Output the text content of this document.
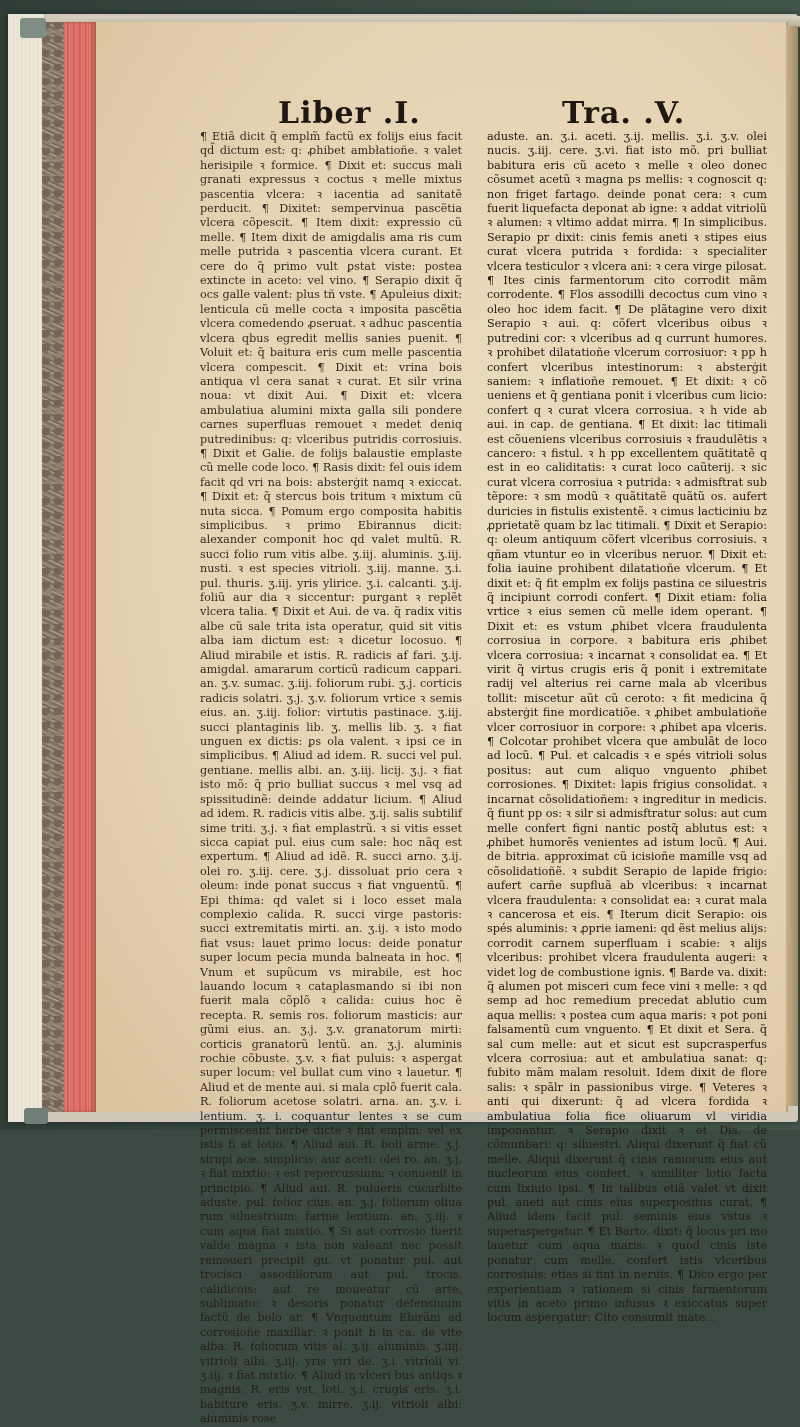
Liber .I.	Tra. .V.

¶ Etiã dicit q̃ emplm̃ factũ ex folijs eius facit qd̃ dictum est: q: ꝓhibet ambłatioñe. ꝛ valet herisipile ꝛ formice. ¶ Dixit et: succus mali granati expressus ꝛ coctus ꝛ melle mixtus pascentia vlcera: ꝛ iacentia ad sanitatẽ perducit. ¶ Dixitet: sempervinua pascẽtia vlcera cõpescit. ¶ Item dixit: expressio cũ melle. ¶ Item dixit de amigdalis ama ris cum melle putrida ꝛ pascentia vlcera curant. Et cere do q̃ primo vult ꝑstat viste: postea extincte in aceto: vel vino. ¶ Serapio dixit q̃ ocs galle valent: plus tñ vste. ¶ Apuleius dixit: lenticula cũ melle cocta ꝛ imposita pascẽtia vlcera comedendo ꝓseruat. ꝛ adhuc pascentia vlcera qbus egredit mellis sanies puenit. ¶ Voluit et: q̃ baitura eris cum melle pascentia vlcera compescit. ¶ Dixit et: vrina bois antiqua vl cera sanat ꝛ curat. Et silr vrina noua: vt dixit Aui. ¶ Dixit et: vlcera ambulatiua alumini mixta galla sili pondere carnes superfluas remouet ꝛ medet deniq putredinibus: q: vlceribus putridis corrosiuis. ¶ Dixit et Galie. de folijs balaustie emplaste cũ melle code loco. ¶ Rasis dixit: fel ouis idem facit qd vri na bois: absterġit namq ꝛ exiccat. ¶ Dixit et: q̃ stercus bois tritum ꝛ mixtum cũ nuta sicca. ¶ Pomum ergo composita habitis simplicibus. ꝛ primo Ebirannus dicit: alexander componit hoc qd valet multũ. R. succi folio rum vitis albe. ʒ.iij. aluminis. ʒ.iij. nusti. ꝛ est species vitrioli. ʒ.iij. manne. ʒ.i. pul. thuris. ʒ.iij. yris ylirice. ʒ.i. calcanti. ʒ.ij. foliũ aur dia ꝛ siccentur: purgant ꝛ replẽt vlcera talia. ¶ Dixit et Aui. de va. q̃ radix vitis albe cũ sale trita ista operatur, quid sit vitis alba iam dictum est: ꝛ dicetur locosuo. ¶ Aliud mirabile et istis. R. radicis af fari. ʒ.ij. amigdal. amararum corticũ radicum cappari. an. ʒ.v. sumac. ʒ.iij. foliorum rubi. ʒ.j. corticis radicis solatri. ʒ.j. ʒ.v. foliorum vrtice ꝛ semis eius. an. ʒ.iij. folior: virtutis pastinace. ʒ.iij. succi plantaginis lib. ʒ. mellis lib. ʒ. ꝛ fiat unguen ex dictis: ꝑs ola valent. ꝛ ipsi ce in simplicibus. ¶ Aliud ad idem. R. succi vel pul. gentiane. mellis albi. an. ʒ.iij. licij. ʒ.j. ꝛ fiat isto mõ: q̃ prio bulliat succus ꝛ mel vsq ad spissitudinẽ: deinde addatur licium. ¶ Aliud ad idem. R. radicis vitis albe. ʒ.ij. salis subtilif sime triti. ʒ.j. ꝛ fiat emplastrũ. ꝛ si vitis esset sicca capiat pul. eius cum sale: hoc nãq est expertum. ¶ Aliud ad idẽ. R. succi arno. ʒ.ij. olei ro. ʒ.iij. cere. ʒ.j. dissoluat prio cera ꝛ oleum: inde ponat succus ꝛ fiat vnguentũ. ¶ Epi thima: qd valet si i loco esset mala complexio calida. R. succi virge pastoris: succi extremitatis mirti. an. ʒ.ij. ꝛ isto modo fiat vsus: lauet primo locus: deide ponatur super locum pecia munda balneata in hoc. ¶ Vnum et supũcum vs mirabile, est hoc lauando locum ꝛ cataplasmando si ibi non fuerit mala cõplõ ꝛ calida: cuius hoc ẽ recepta. R. semis ros. foliorum masticis: aur gũmi eius. an. ʒ.j. ʒ.v. granatorum mirti: corticis granatorũ lentũ. an. ʒ.j. aluminis rochie cõbuste. ʒ.v. ꝛ fiat puluis: ꝛ aspergat super locum: vel bullat cum vino ꝛ lauetur. ¶ Aliud et de mente aui. si mala cplõ fuerit cala. R. foliorum acetose solatri. arna. an. ʒ.v. i. lentium. ʒ. i. coquantur lentes ꝛ se cum permisceant herbe dicte ꝛ fiat emplm: vel ex istis fi at lotio. ¶ Aliud aui. R. boli arme. ʒ.j. sirupi ace. simplicis: aur aceti: olei ro. an. ʒ.j. ꝛ fiat mixtio: ꝛ est repercussium: ꝛ conuenit in principio. ¶ Aliud aui. R. pulueris cucurbite aduste. pul. folior cius. an. ʒ.j. foliorum oliua rum siluestrium: farine lentium. an. ʒ.iij. ꝛ cum aqua fiat mixtio. ¶ Si aut corrosio fuerit valde magna ꝛ ista non valeant nec possit remoueri precipit gu. vt ponatur pul. aut trocisci assodillorum aut pul. trocis. calidicois: aut re moueatur cũ arte, sublimato: ꝛ desoris ponatur defensiuum factũ de bolo ar. ¶ Vnguentum Ebirãni ad corrosioñe maxillar: ꝛ ponit h in ca. de vite alba. R. foliorum vitis al. ʒ.ij. aluminis. ʒ.iiij. vitrioli albi. ʒ.iij. yris viri de. ʒ.i. vitrioli vi. ʒ.iij. ꝛ fiat mixtio. ¶ Aliud in vlceri bus antiqs ꝛ magnis. R. eris vst. loti. ʒ.i. crugis eris. ʒ.i. babiture eris. ʒ.v. mirre. ʒ.ij. vitrioli albi: aluminis rose

aduste. an. ʒ.i. aceti. ʒ.ij. mellis. ʒ.i. ʒ.v. olei nucis. ʒ.iij. cere. ʒ.vi. fiat isto mõ. pri bulliat babitura eris cũ aceto ꝛ melle ꝛ oleo donec cõsumet acetũ ꝛ magna ps mellis: ꝛ cognoscit q: non friget fartago. deinde ponat cera: ꝛ cum fuerit liquefacta deponat ab igne: ꝛ addat vitriolũ ꝛ alumen: ꝛ vltimo addat mirra. ¶ In simplicibus. Serapio pr dixit: cinis femis aneti ꝛ stipes eius curat vlcera putrida ꝛ fordida: ꝛ specialiter vlcera testiculor ꝛ vlcera ani: ꝛ cera virge pilosat. ¶ Ites cinis farmentorum cito corrodit mãm corrodente. ¶ Flos assodilli decoctus cum vino ꝛ oleo hoc idem facit. ¶ De plãtagine vero dixit Serapio ꝛ aui. q: cõfert vlceribus oibus ꝛ putredini cor: ꝛ vlceribus ad q currunt humores. ꝛ prohibet dilatatioñe vlcerum corrosiuor: ꝛ pp h confert vlceribus intestinorum: ꝛ absterġit saniem: ꝛ inflatioñe remouet. ¶ Et dixit: ꝛ cõ ueniens et q̃ gentiana ponit i vlceribus cum licio: confert q ꝛ curat vlcera corrosiua. ꝛ h vide ab aui. in cap. de gentiana. ¶ Et dixit: lac titimali est cõueniens vlceribus corrosiuis ꝛ fraudulẽtis ꝛ cancero: ꝛ fistul. ꝛ h pp excellentem quãtitatẽ q est in eo caliditatis: ꝛ curat loco caũterij. ꝛ sic curat vlcera corrosiua ꝛ putrida: ꝛ admisftrat sub tẽpore: ꝛ sm modũ ꝛ quãtitatẽ quãtũ os. aufert duricies in fistulis existentẽ. ꝛ cimus lacticiniu bz ꝓprietatẽ quam bz lac titimali. ¶ Dixit et Serapio: q: oleum antiquum cõfert vlceribus corrosiuis. ꝛ qñam vtuntur eo in vlceribus neruor. ¶ Dixit et: folia iauine prohibent dilatatioñe vlcerum. ¶ Et dixit et: q̃ fit emplm ex folijs pastina ce siluestris q̃ incipiunt corrodi confert. ¶ Dixit etiam: folia vrtice ꝛ eius semen cũ melle idem operant. ¶ Dixit et: es vstum ꝓhibet vlcera fraudulenta corrosiua in corpore. ꝛ babitura eris ꝓhibet vlcera corrosiua: ꝛ incarnat ꝛ consolidat ea. ¶ Et virit q̃ virtus crugis eris q̃ ponit i extremitate radij vel alterius rei carne mala ab vlceribus tollit: miscetur aũt cũ ceroto: ꝛ fit medicina q̃ absterġit fine mordicatiõe. ꝛ ꝓhibet ambulatioñe vlcer corrosiuor in corpore: ꝛ ꝓhibet apa vlceris. ¶ Colcotar prohibet vlcera que ambulãt de loco ad locũ. ¶ Pul. et calcadis ꝛ e spés vitrioli solus positus: aut cum aliquo vnguento ꝓhibet corrosiones. ¶ Dixitet: lapis frigius consolidat. ꝛ incarnat cõsolidatioñem: ꝛ ingreditur in medicis. q̃ fiunt pp os: ꝛ silr si admisftratur solus: aut cum melle confert figni nantic postq̃ ablutus est: ꝛ ꝓhibet humorẽs venientes ad istum locũ. ¶ Aui. de bitria. approximat cũ icisioñe mamille vsq ad cõsolidatioñẽ. ꝛ subdit Serapio de lapide frigio: aufert carñe supfluã ab vlceribus: ꝛ incarnat vlcera fraudulenta: ꝛ consolidat ea: ꝛ curat mala ꝛ cancerosa et eis. ¶ Iterum dicit Serapio: ois spés aluminis: ꝛ ꝓprie iameni: qd ẽst melius alijs: corrodit carnem superfluam i scabie: ꝛ alijs vlceribus: prohibet vlcera fraudulenta augeri: ꝛ videt log de combustione ignis. ¶ Barde va. dixit: q̃ alumen pot misceri cum fece vini ꝛ melle: ꝛ qd semp ad hoc remedium precedat ablutio cum aqua mellis: ꝛ postea cum aqua maris: ꝛ pot poni falsamentũ cum vnguento. ¶ Et dixit et Sera. q̃ sal cum melle: aut et sicut est supcrasperfus vlcera corrosiua: aut et ambulatiua sanat: q: fubito mãm malam resoluit. Idem dixit de flore salis: ꝛ spãlr in passionibus virge. ¶ Veteres ꝛ anti qui dixerunt: q̃ ad vlcera fordida ꝛ ambulatiua folia fice oliuarum vl viridia imponantur. ꝛ Serapio dixit ꝛ et Dis. de cõmunbari: q: siluestri. Aliqui dixerunt q̃ fiat cũ melle. Aliqui dixerunt q̃ cinis ramorum eius aut nucleorum eius confert. ꝛ similiter lotio facta cum lixiuio ipsi. ¶ In talibus etiã valet vt dixit pul. aneti aut cinis eius superpositus curat. ¶ Aliud idem facit pul. seminis eius vstus ꝛ superaspergatur. ¶ Et Barto. dixit: q̃ locus pri mo lauetur cum aqua maris: ꝛ quod cinis iste ponatur cum melle. confert istis vlceribus corrosiuis: etias si fint in neruis. ¶ Dico ergo per experientiam ꝛ rationem si cinis farmentorum vitis in aceto primo infusus ꝛ exiccatus super locum aspergatur: Cito consumit mate...
